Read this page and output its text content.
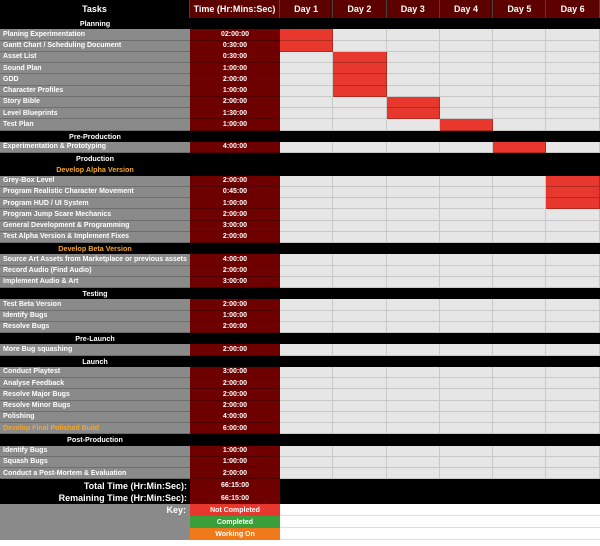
Tasks	Time (Hr:Mins:Sec)	Day 1	Day 2	Day 3	Day 4	Day 5	Day 6
Planning
Planing Experimentation	02:00:00
Gantt Chart / Scheduling Document	0:30:00
Asset List	0:30:00
Sound Plan	1:00:00
GDD	2:00:00
Character Profiles	1:00:00
Story Bible	2:00:00
Level Blueprints	1:30:00
Test Plan	1:00:00
Pre-Production
Experimentation & Prototyping	4:00:00
Production
Develop Alpha Version
Grey-Box Level	2:00:00
Program Realistic Character Movement	0:45:00
Program HUD / UI System	1:00:00
Program Jump Scare Mechanics	2:00:00
General Development & Programming	3:00:00
Test Alpha Version & Implement Fixes	2:00:00
Develop Beta Version
Source Art Assets from Marketplace or previous assets	4:00:00
Record Audio (Find Audio)	2:00:00
Implement Audio & Art	3:00:00
Testing
Test Beta Version	2:00:00
Identify Bugs	1:00:00
Resolve Bugs	2:00:00
Pre-Launch
More Bug squashing	2:00:00
Launch
Conduct Playtest	3:00:00
Analyse Feedback	2:00:00
Resolve Major Bugs	2:00:00
Resolve Minor Bugs	2:00:00
Polishing	4:00:00
Develop Final Polished Build	6:00:00
Post-Production
Identify Bugs	1:00:00
Squash Bugs	1:00:00
Conduct a Post-Mortem & Evaluation	2:00:00
Total Time (Hr:Min:Sec):	66:15:00
Remaining Time (Hr:Min:Sec):	66:15:00
Key:	Not Completed
Completed
Working On
